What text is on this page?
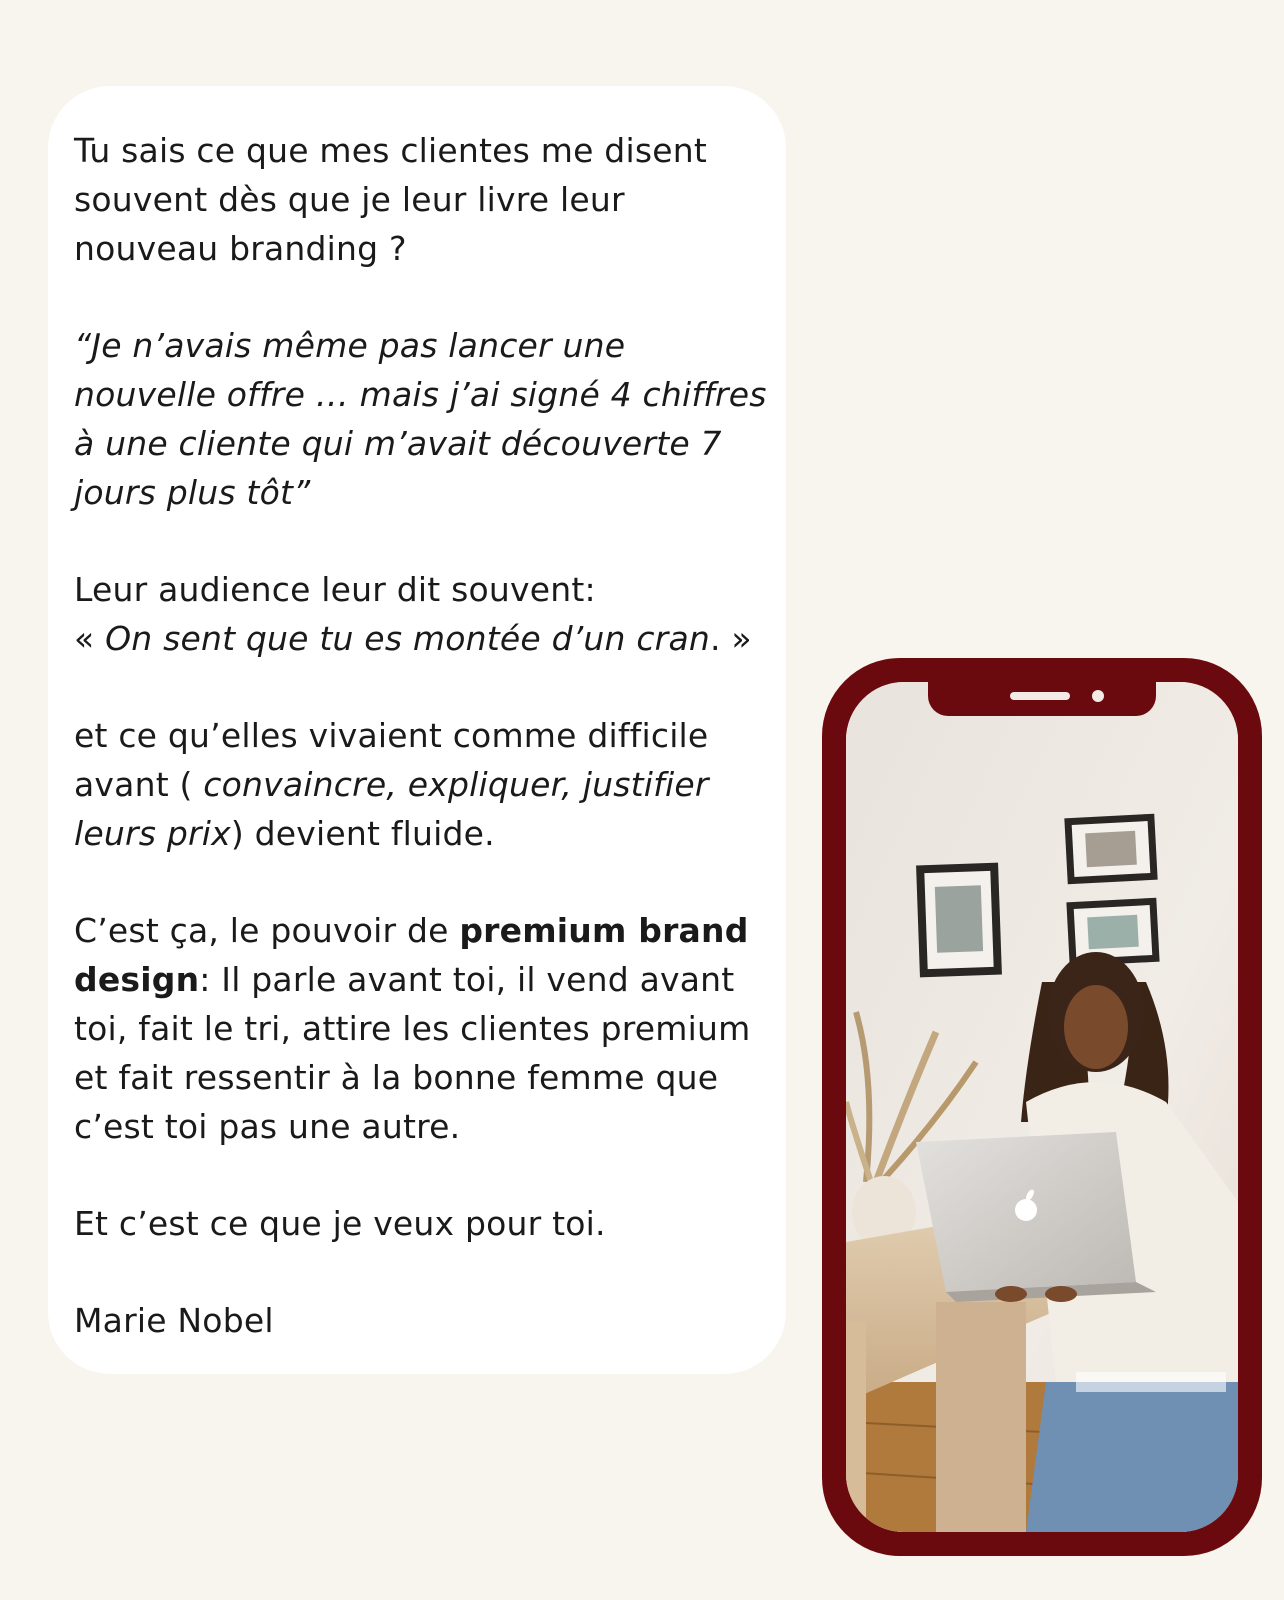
Tu sais ce que mes clientes me disent souvent dès que je leur livre leur nouveau branding ?

“Je n’avais même pas lancer une nouvelle offre … mais j’ai signé 4 chiffres à une cliente qui m’avait découverte 7 jours plus tôt”

Leur audience leur dit souvent:
« On sent que tu es montée d’un cran. »

et ce qu’elles vivaient comme difficile avant ( convaincre, expliquer, justifier leurs prix) devient fluide.

C’est ça, le pouvoir de premium brand design: Il parle avant toi, il vend avant toi, fait le tri, attire les clientes premium et fait ressentir à la bonne femme que c’est toi pas une autre.

Et c’est ce que je veux pour toi.

Marie Nobel
